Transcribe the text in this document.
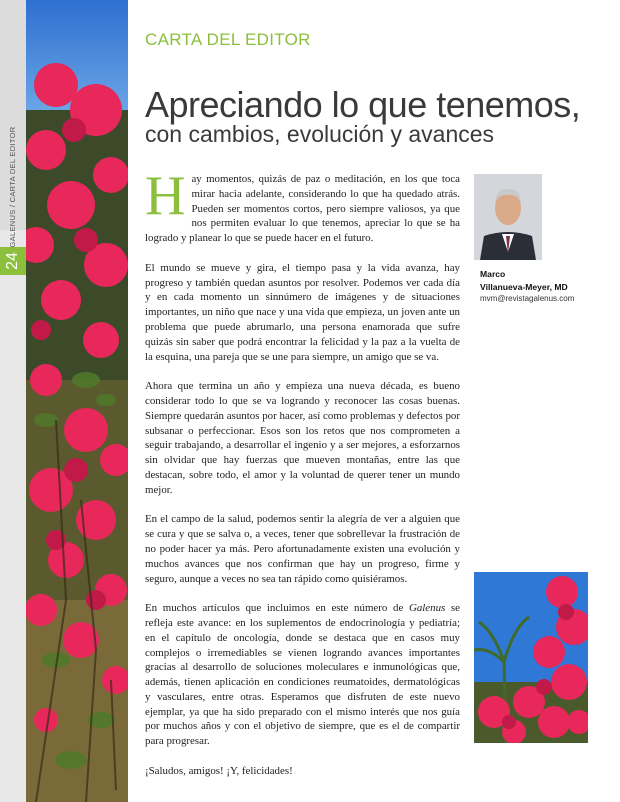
GALENUS / CARTA DEL EDITOR
24
CARTA DEL EDITOR
Apreciando lo que tenemos,
con cambios, evolución y avances

Hay momentos, quizás de paz o meditación, en los que toca mirar hacia adelante, considerando lo que ha quedado atrás. Pueden ser momentos cortos, pero siempre valiosos, ya que nos permiten evaluar lo que tenemos, apreciar lo que se ha logrado y planear lo que se puede hacer en el futuro.

El mundo se mueve y gira, el tiempo pasa y la vida avanza, hay progreso y también quedan asuntos por resolver. Podemos ver cada día y en cada momento un sinnúmero de imágenes y de situaciones importantes, un niño que nace y una vida que empieza, un joven ante un problema que puede abrumarlo, una persona enamorada que sufre quizás sin saber que podrá encontrar la felicidad y la paz a la vuelta de la esquina, una pareja que se une para siempre, un amigo que se va.

Ahora que termina un año y empieza una nueva década, es bueno considerar todo lo que se va logrando y reconocer las cosas buenas. Siempre quedarán asuntos por hacer, así como problemas y defectos por subsanar o perfeccionar. Esos son los retos que nos comprometen a seguir trabajando, a desarrollar el ingenio y a ser mejores, a esforzarnos sin olvidar que hay fuerzas que mueven montañas, entre las que destacan, sobre todo, el amor y la voluntad de querer tener un mundo mejor.

En el campo de la salud, podemos sentir la alegría de ver a alguien que se cura y que se salva o, a veces, tener que sobrellevar la frustración de no poder hacer ya más. Pero afortunadamente existen una evolución y muchos avances que nos confirman que hay un progreso, firme y seguro, aunque a veces no sea tan rápido como quisiéramos.

En muchos artículos que incluimos en este número de Galenus se refleja este avance: en los suplementos de endocrinología y pediatría; en el capítulo de oncología, donde se destaca que en casos muy complejos o irremediables se vienen logrando avances importantes gracias al desarrollo de soluciones moleculares e inmunológicas que, además, tienen aplicación en condiciones reumatoides, dermatológicas y vasculares, entre otras. Esperamos que disfruten de este nuevo ejemplar, ya que ha sido preparado con el mismo interés que nos guía por muchos años y con el objetivo de siempre, que es el de compartir para progresar.

¡Saludos, amigos! ¡Y, felicidades!

Marco
Villanueva-Meyer, MD
mvm@revistagalenus.com
